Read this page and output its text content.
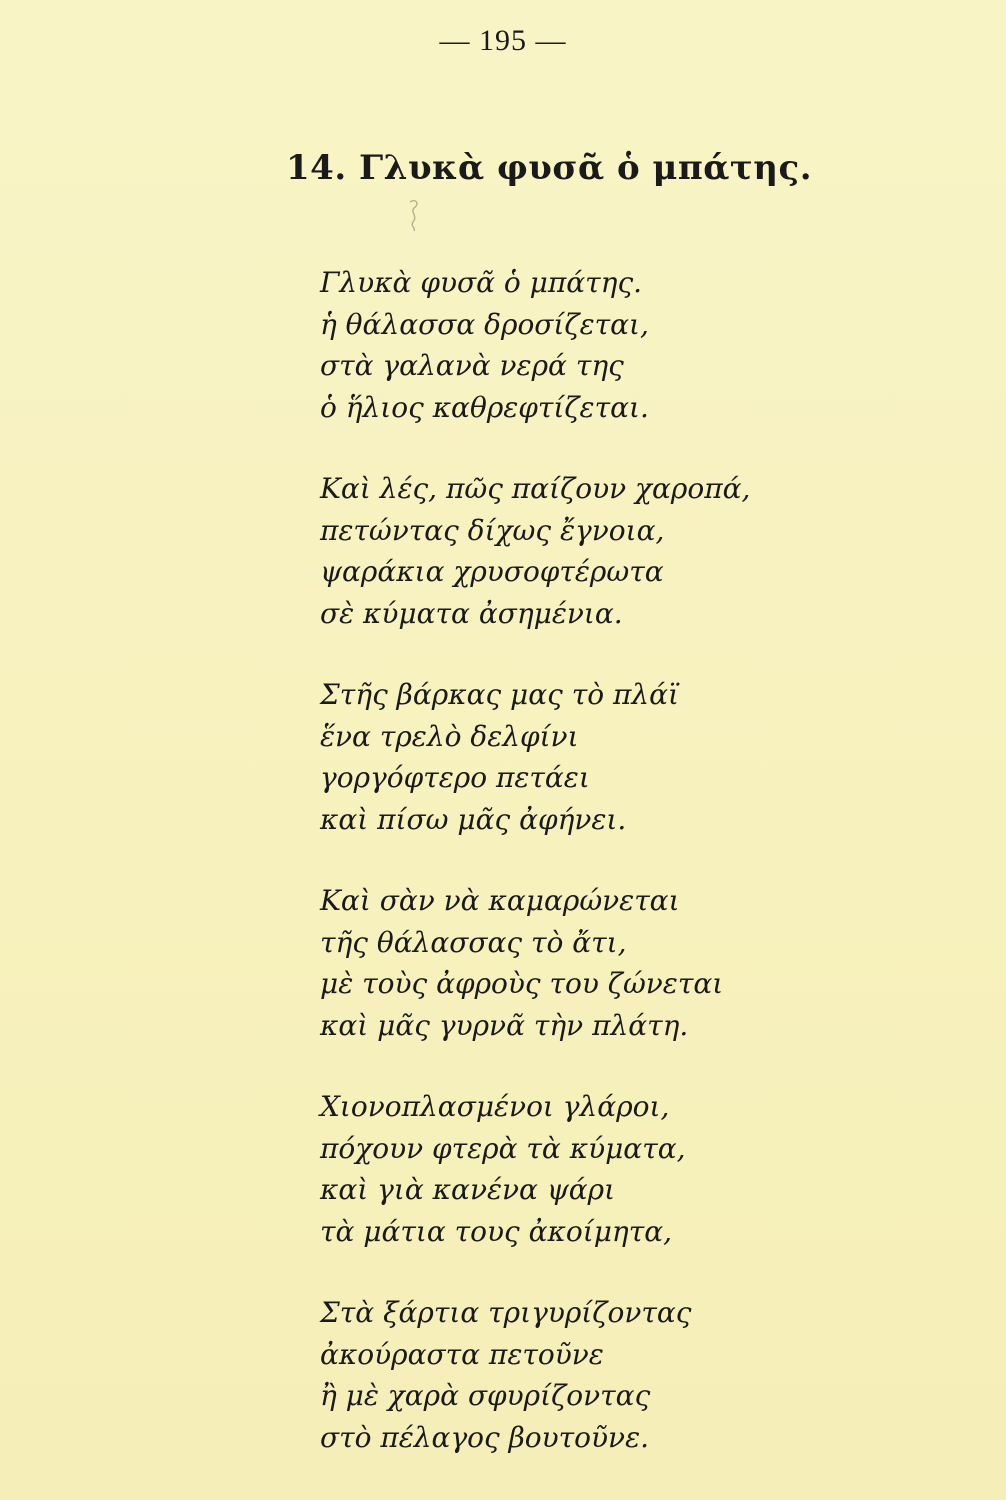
— 195 —
14. Γλυκὰ φυσᾶ ὁ μπάτης.
Γλυκὰ φυσᾶ ὁ μπάτης.
ἡ θάλασσα δροσίζεται,
στὰ γαλανὰ νερά της
ὁ ἥλιος καθρεφτίζεται.
Καὶ λές, πῶς παίζουν χαροπά,
πετώντας δίχως ἔγνοια,
ψαράκια χρυσοφτέρωτα
σὲ κύματα ἀσημένια.
Στῆς βάρκας μας τὸ πλάϊ
ἕνα τρελὸ δελφίνι
γοργόφτερο πετάει
καὶ πίσω μᾶς ἀφήνει.
Καὶ σὰν νὰ καμαρώνεται
τῆς θάλασσας τὸ ἄτι,
μὲ τοὺς ἀφροὺς του ζώνεται
καὶ μᾶς γυρνᾶ τὴν πλάτη.
Χιονοπλασμένοι γλάροι,
πόχουν φτερὰ τὰ κύματα,
καὶ γιὰ κανένα ψάρι
τὰ μάτια τους ἀκοίμητα,
Στὰ ξάρτια τριγυρίζοντας
ἀκούραστα πετοῦνε
ἢ μὲ χαρὰ σφυρίζοντας
στὸ πέλαγος βουτοῦνε.
